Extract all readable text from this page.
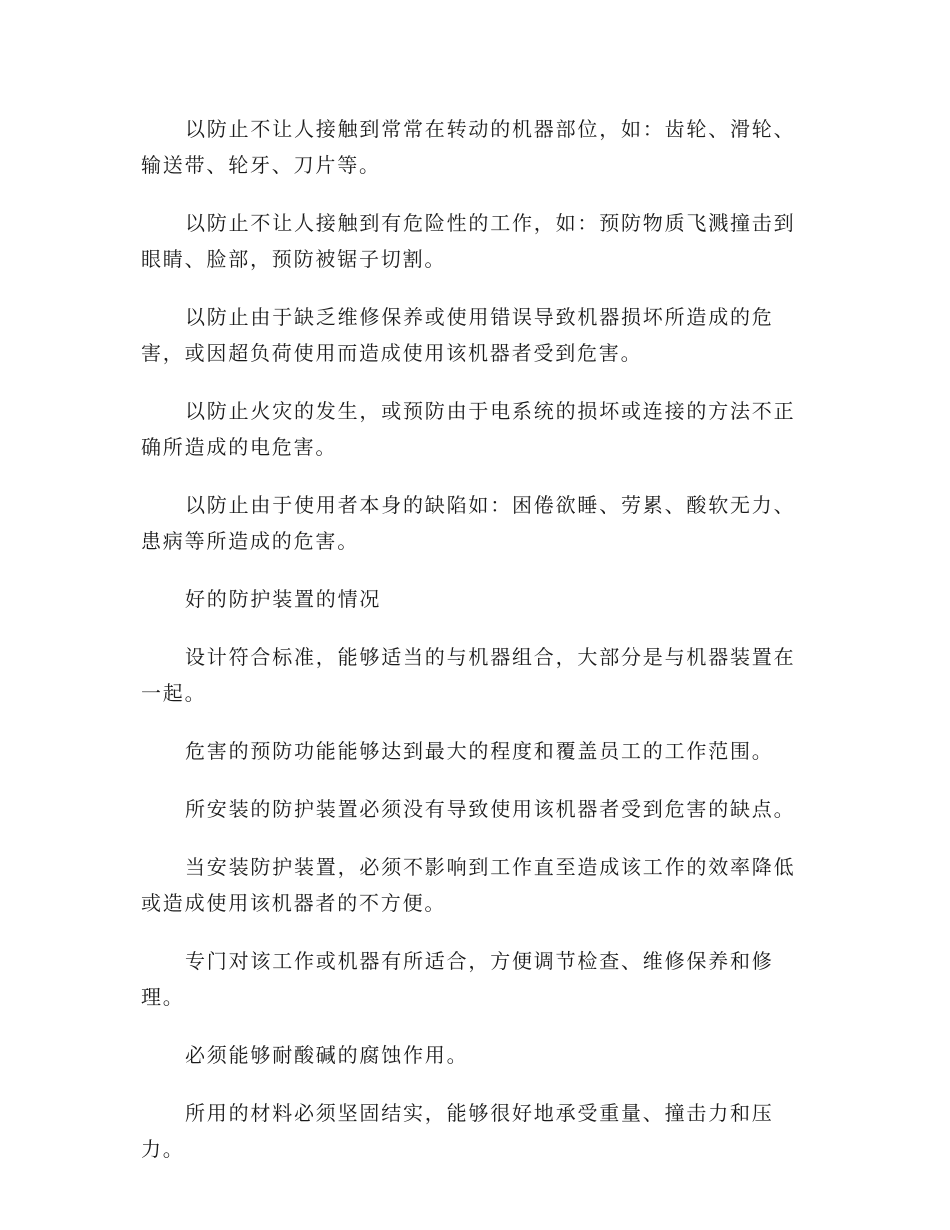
以防止不让人接触到常常在转动的机器部位，如：齿轮、滑轮、输送带、轮牙、刀片等。

以防止不让人接触到有危险性的工作，如：预防物质飞溅撞击到眼睛、脸部，预防被锯子切割。

以防止由于缺乏维修保养或使用错误导致机器损坏所造成的危害，或因超负荷使用而造成使用该机器者受到危害。

以防止火灾的发生，或预防由于电系统的损坏或连接的方法不正确所造成的电危害。

以防止由于使用者本身的缺陷如：困倦欲睡、劳累、酸软无力、患病等所造成的危害。

好的防护装置的情况

设计符合标准，能够适当的与机器组合，大部分是与机器装置在一起。

危害的预防功能能够达到最大的程度和覆盖员工的工作范围。

所安装的防护装置必须没有导致使用该机器者受到危害的缺点。

当安装防护装置，必须不影响到工作直至造成该工作的效率降低或造成使用该机器者的不方便。

专门对该工作或机器有所适合，方便调节检查、维修保养和修理。

必须能够耐酸碱的腐蚀作用。

所用的材料必须坚固结实，能够很好地承受重量、撞击力和压力。
